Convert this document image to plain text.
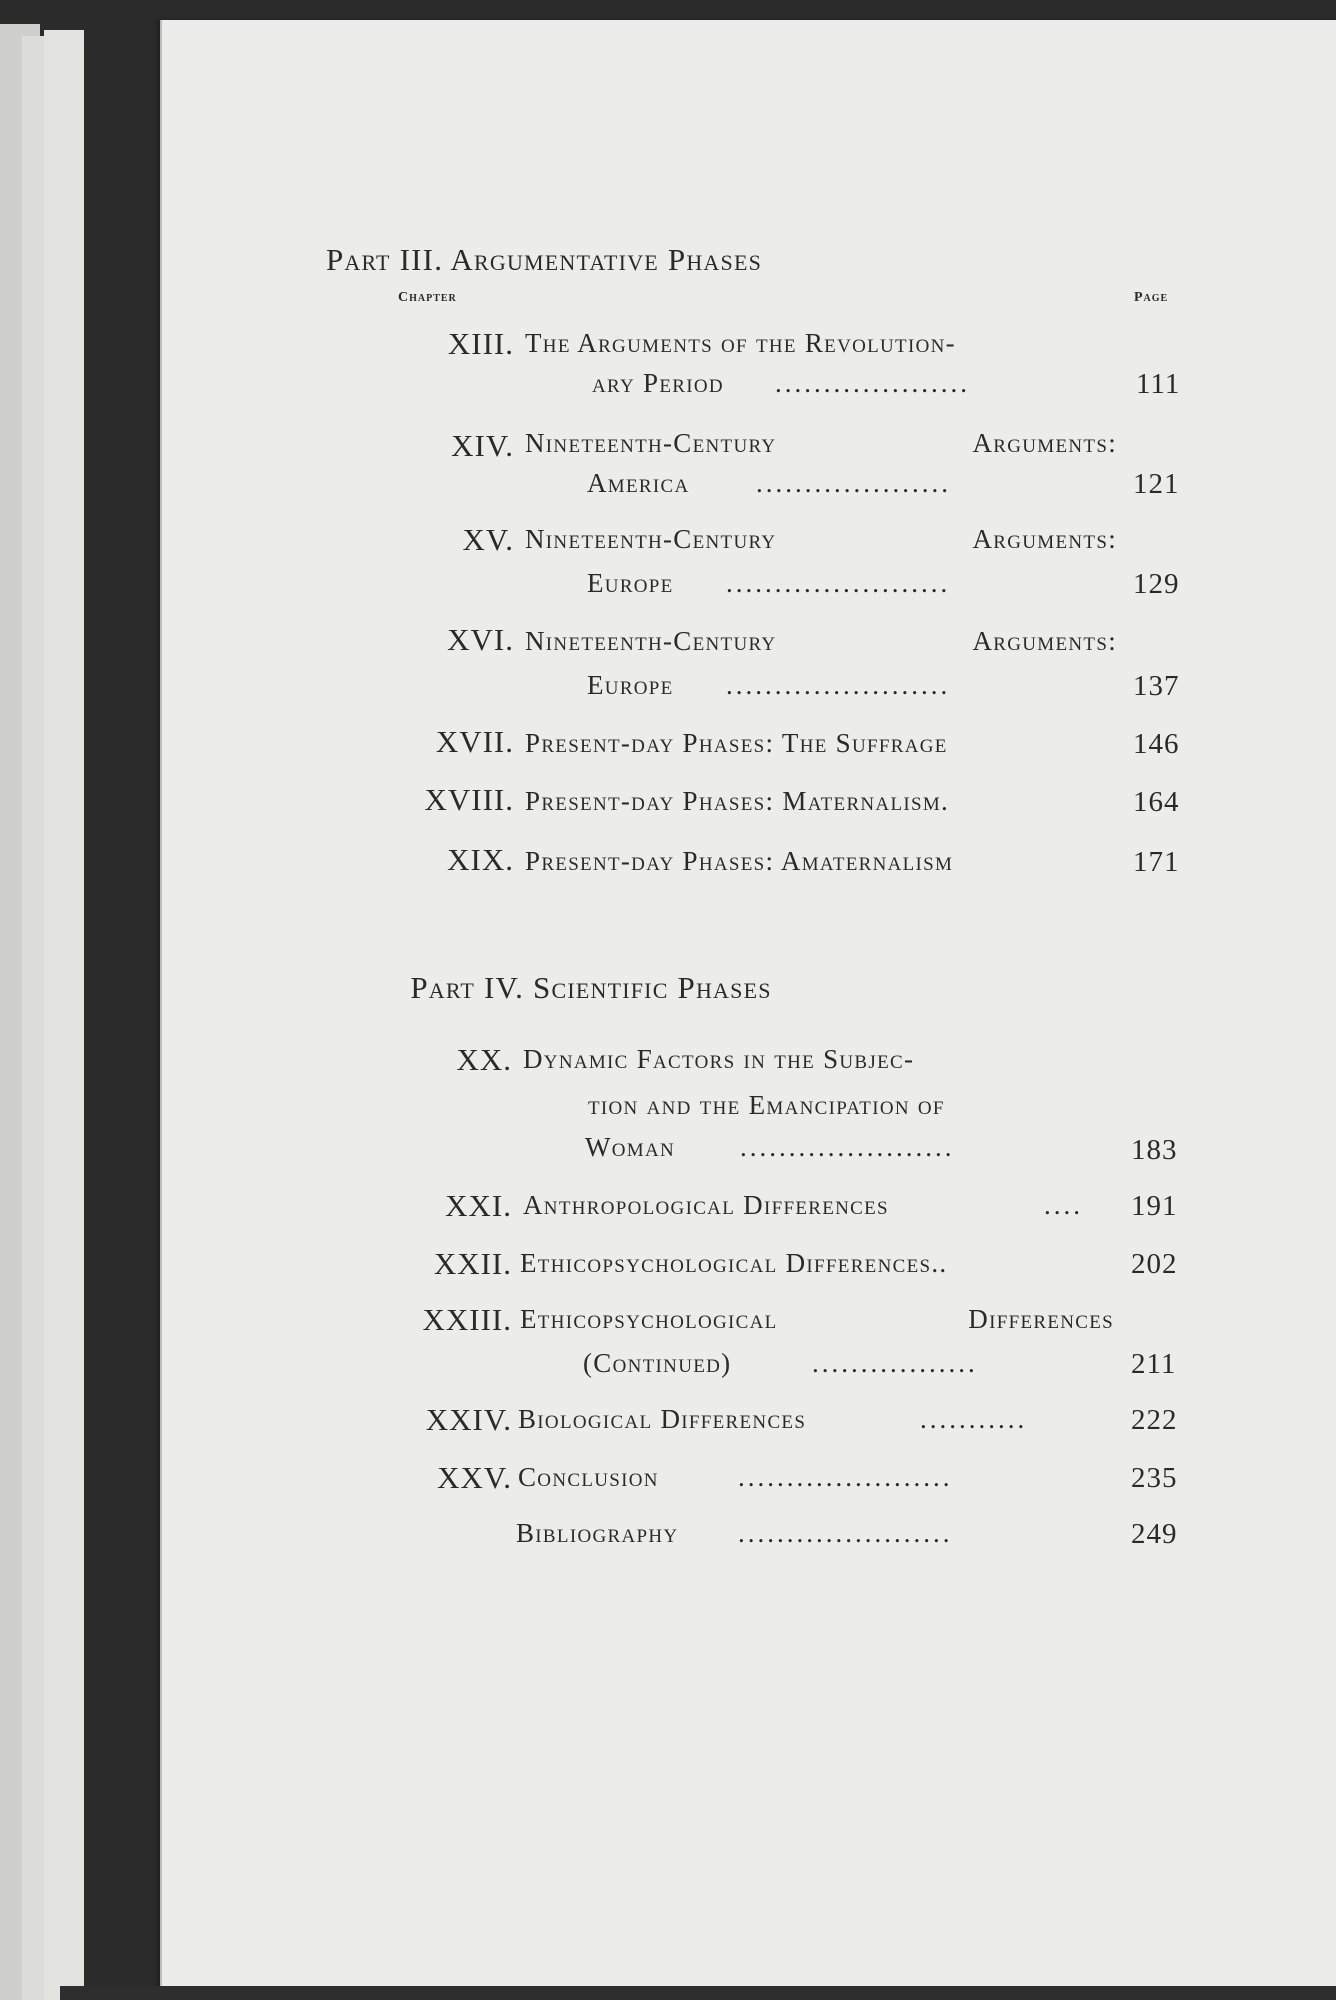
Part III. Argumentative Phases
Chapter	Page
XIII. The Arguments of the Revolution-
ary Period ....................	111
XIV. Nineteenth-Century	Arguments:
America ....................	121
XV. Nineteenth-Century	Arguments:
Europe .......................	129
XVI. Nineteenth-Century	Arguments:
Europe .......................	137
XVII. Present-day Phases: The Suffrage	146
XVIII. Present-day Phases: Maternalism.	164
XIX. Present-day Phases: Amaternalism	171
Part IV. Scientific Phases
XX. Dynamic Factors in the Subjec-
tion and the Emancipation of
Woman ......................	183
XXI. Anthropological Differences	....	191
XXII. Ethicopsychological Differences..	202
XXIII. Ethicopsychological	Differences
(Continued)	.................	211
XXIV. Biological Differences	...........	222
XXV. Conclusion	......................	235
Bibliography ......................	249
